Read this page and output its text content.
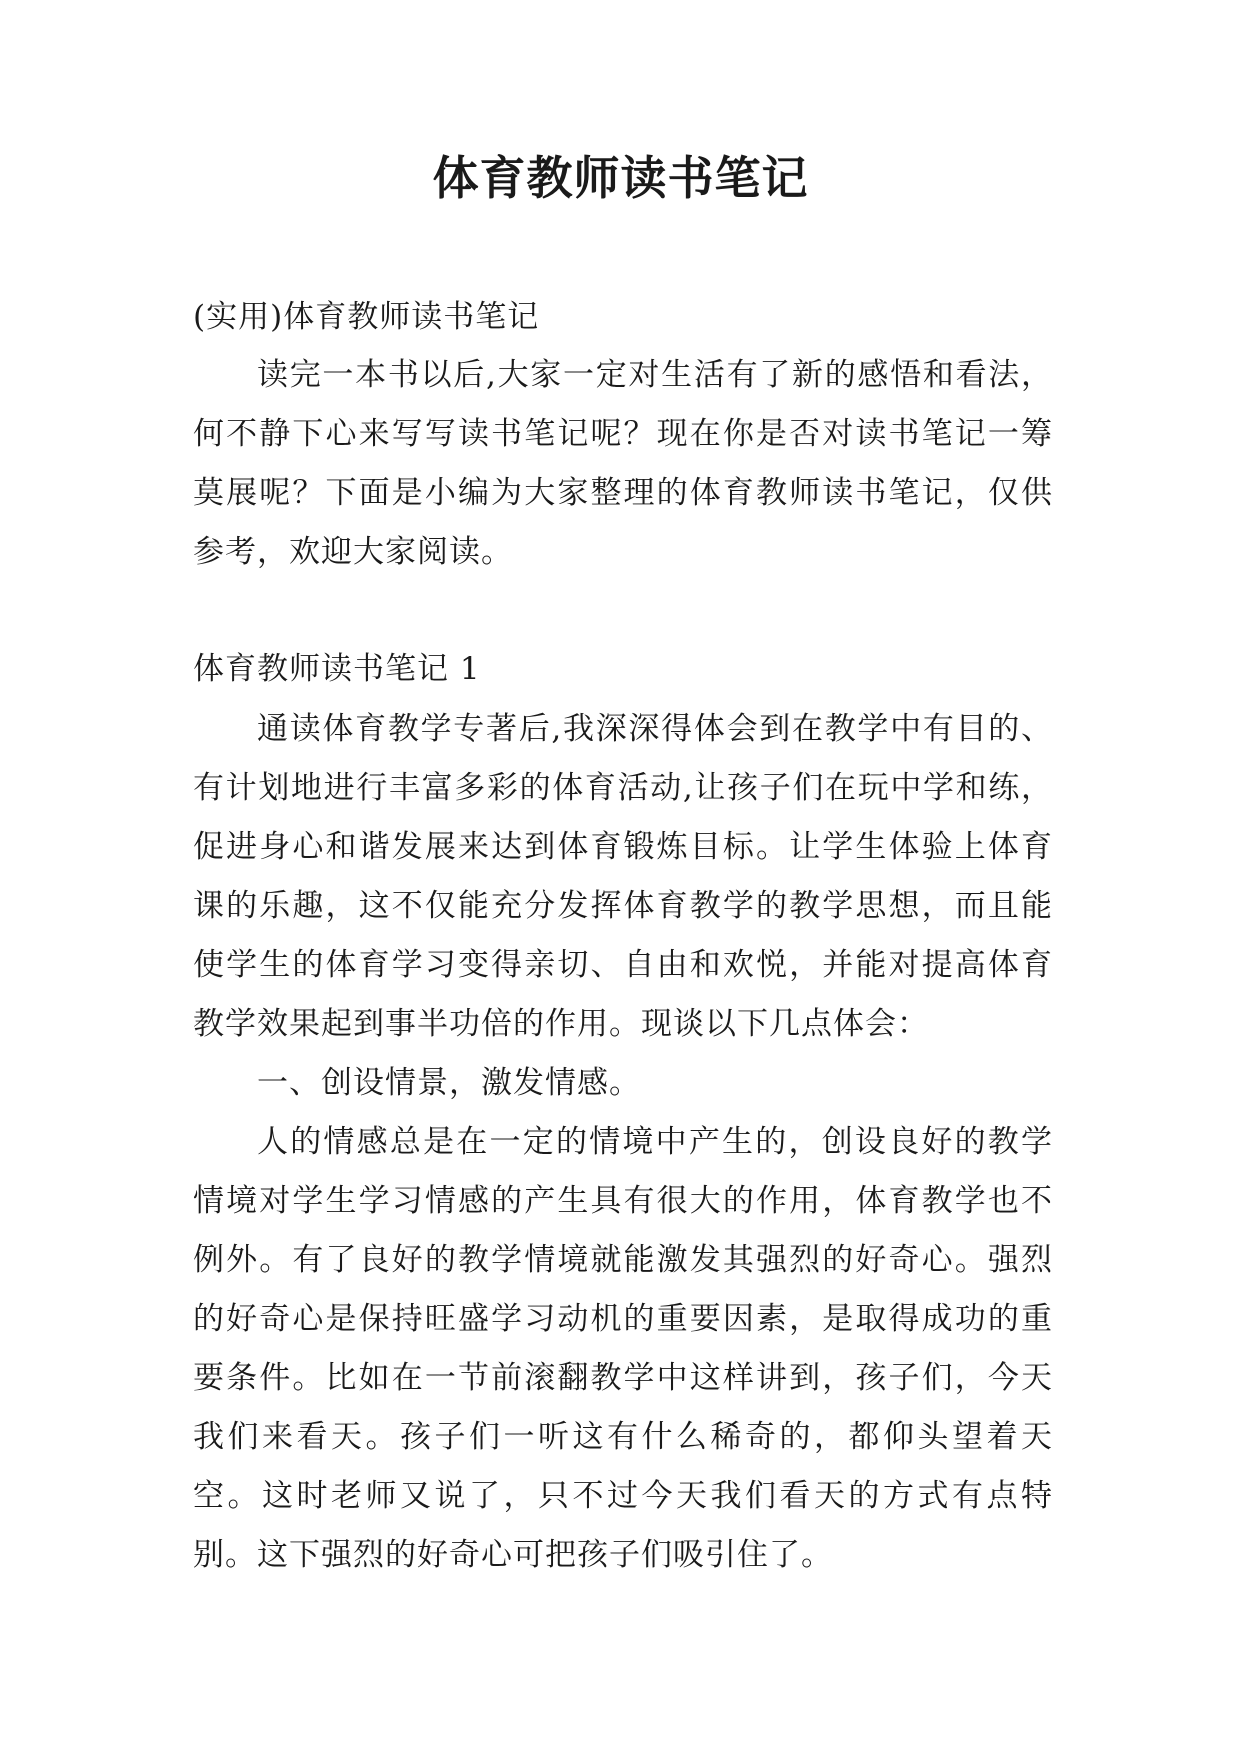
体育教师读书笔记
(实用)体育教师读书笔记

读完一本书以后,大家一定对生活有了新的感悟和看法，何不静下心来写写读书笔记呢？现在你是否对读书笔记一筹莫展呢？下面是小编为大家整理的体育教师读书笔记，仅供参考，欢迎大家阅读。

体育教师读书笔记 1

通读体育教学专著后,我深深得体会到在教学中有目的、有计划地进行丰富多彩的体育活动,让孩子们在玩中学和练，促进身心和谐发展来达到体育锻炼目标。让学生体验上体育课的乐趣，这不仅能充分发挥体育教学的教学思想，而且能使学生的体育学习变得亲切、自由和欢悦，并能对提高体育教学效果起到事半功倍的作用。现谈以下几点体会：

一、创设情景，激发情感。

人的情感总是在一定的情境中产生的，创设良好的教学情境对学生学习情感的产生具有很大的作用，体育教学也不例外。有了良好的教学情境就能激发其强烈的好奇心。强烈的好奇心是保持旺盛学习动机的重要因素，是取得成功的重要条件。比如在一节前滚翻教学中这样讲到，孩子们，今天我们来看天。孩子们一听这有什么稀奇的，都仰头望着天空。这时老师又说了，只不过今天我们看天的方式有点特别。这下强烈的好奇心可把孩子们吸引住了。
